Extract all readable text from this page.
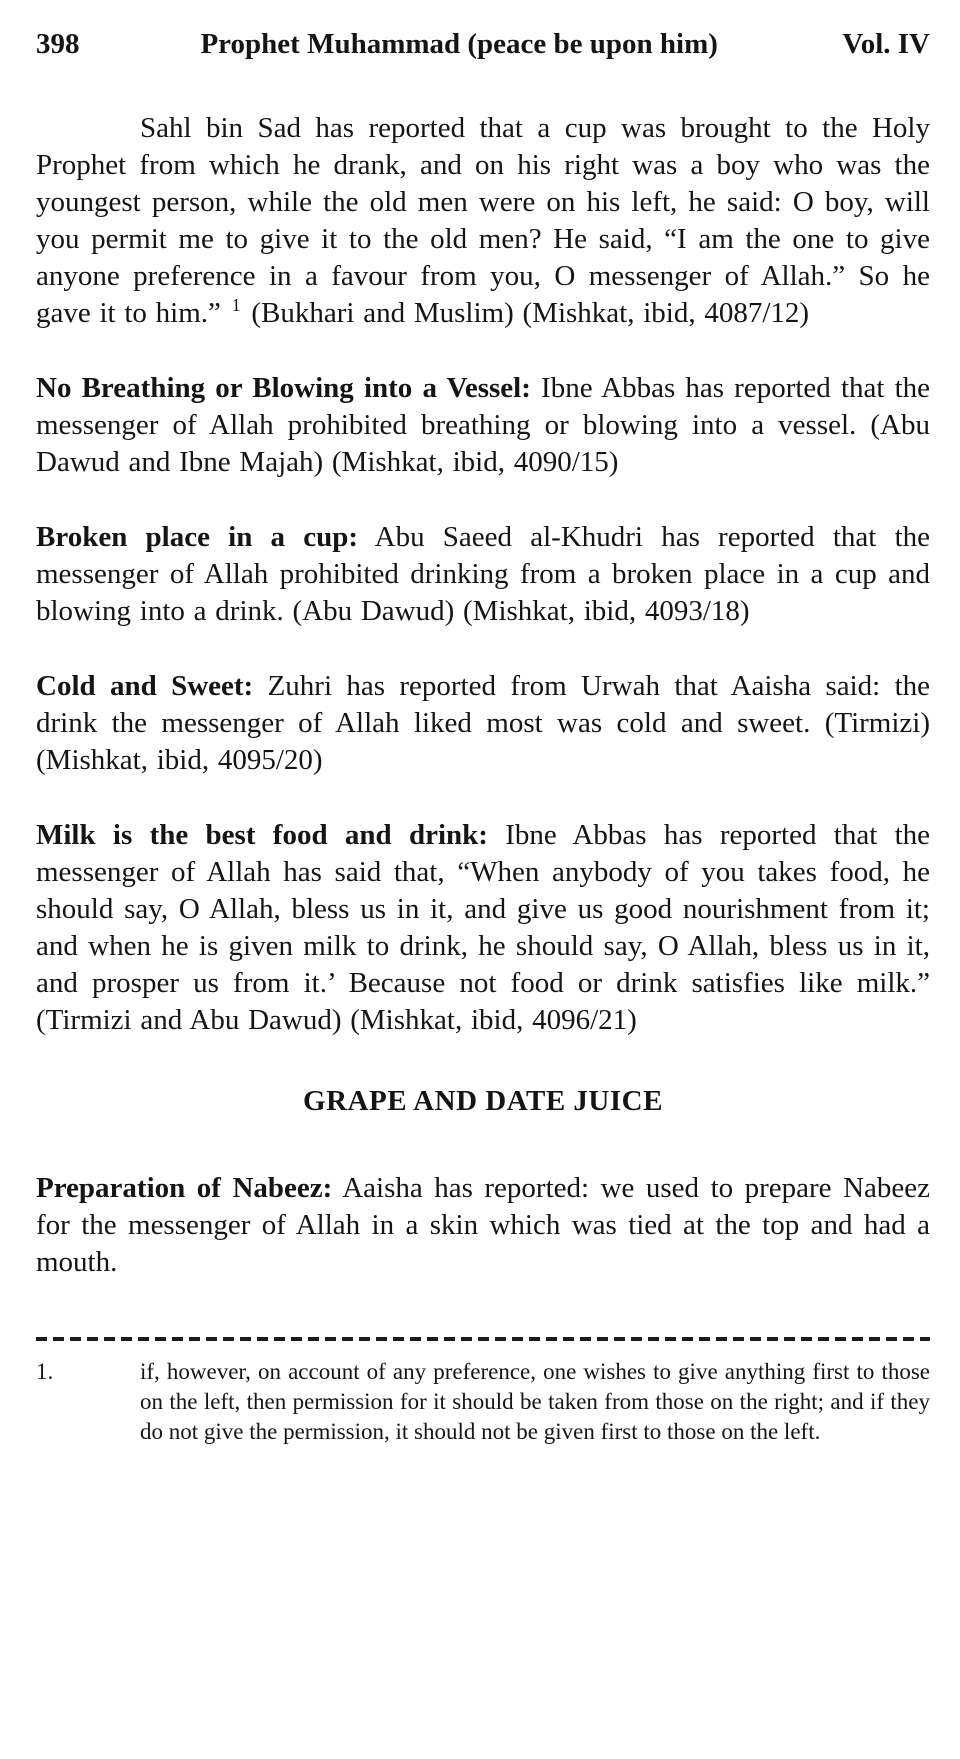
398	Prophet Muhammad (peace be upon him)	Vol. IV

Sahl bin Sad has reported that a cup was brought to the Holy Prophet from which he drank, and on his right was a boy who was the youngest person, while the old men were on his left, he said: O boy, will you permit me to give it to the old men? He said, “I am the one to give anyone preference in a favour from you, O messenger of Allah.” So he gave it to him.” $^1$ (Bukhari and Muslim) (Mishkat, ibid, 4087/12)

No Breathing or Blowing into a Vessel: Ibne Abbas has reported that the messenger of Allah prohibited breathing or blowing into a vessel. (Abu Dawud and Ibne Majah) (Mishkat, ibid, 4090/15)

Broken place in a cup: Abu Saeed al-Khudri has reported that the messenger of Allah prohibited drinking from a broken place in a cup and blowing into a drink. (Abu Dawud) (Mishkat, ibid, 4093/18)

Cold and Sweet: Zuhri has reported from Urwah that Aaisha said: the drink the messenger of Allah liked most was cold and sweet. (Tirmizi) (Mishkat, ibid, 4095/20)

Milk is the best food and drink: Ibne Abbas has reported that the messenger of Allah has said that, “When anybody of you takes food, he should say, O Allah, bless us in it, and give us good nourishment from it; and when he is given milk to drink, he should say, O Allah, bless us in it, and prosper us from it.’ Because not food or drink satisfies like milk.” (Tirmizi and Abu Dawud) (Mishkat, ibid, 4096/21)

GRAPE AND DATE JUICE

Preparation of Nabeez: Aaisha has reported: we used to prepare Nabeez for the messenger of Allah in a skin which was tied at the top and had a mouth.

1.	if, however, on account of any preference, one wishes to give anything first to those on the left, then permission for it should be taken from those on the right; and if they do not give the permission, it should not be given first to those on the left.
